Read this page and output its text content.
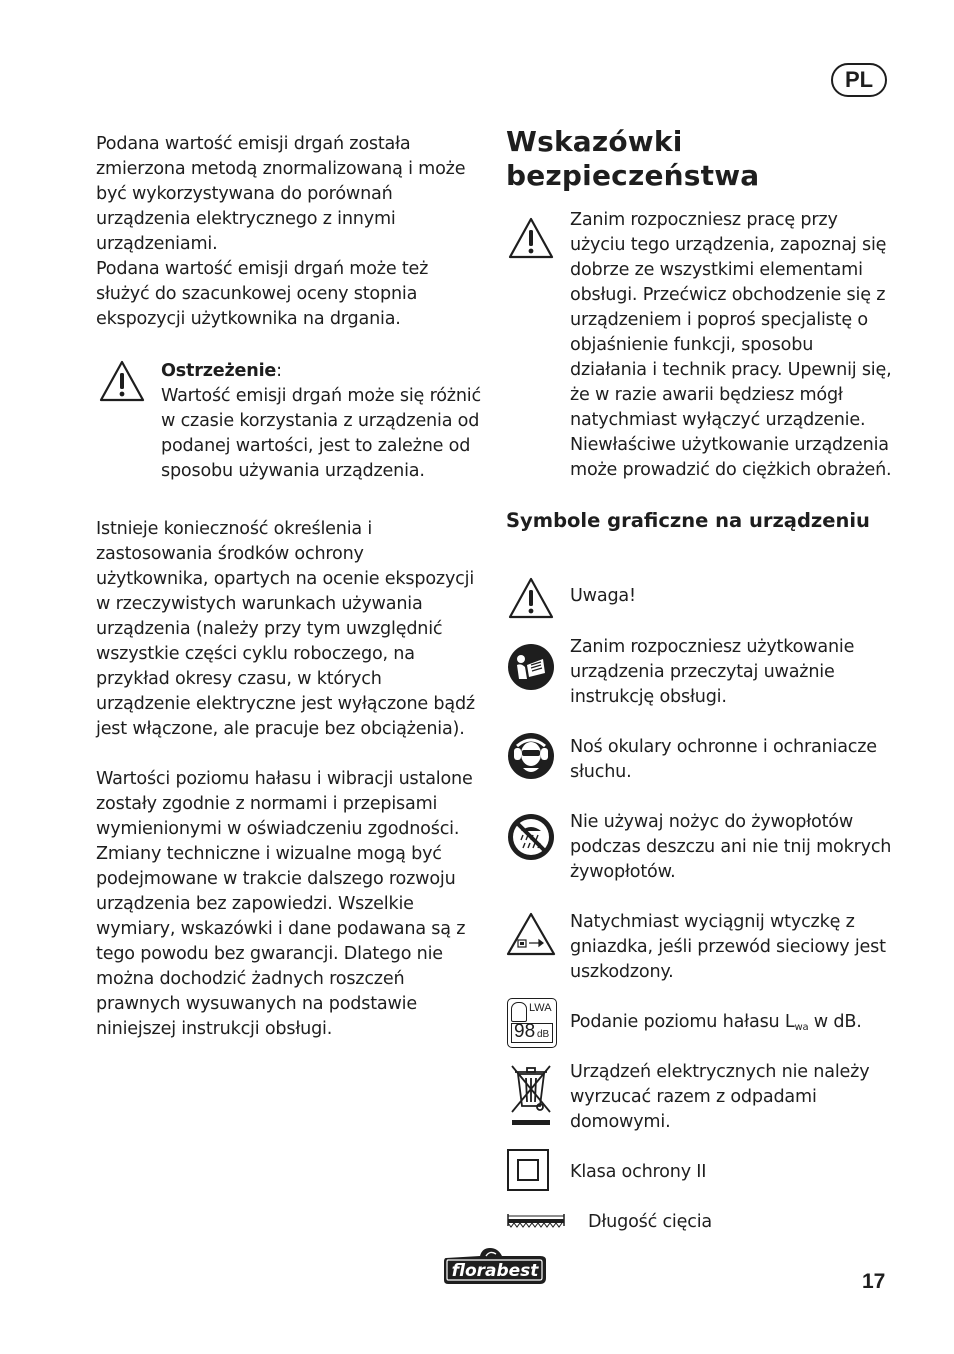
PL

Podana wartość emisji drgań została zmierzona metodą znormalizowaną i może być wykorzystywana do porównań urządzenia elektrycznego z innymi urządzeniami.

Podana wartość emisji drgań może też służyć do szacunkowej oceny stopnia ekspozycji użytkownika na drgania.

Ostrzeżenie:

Wartość emisji drgań może się różnić w czasie korzystania z urządzenia od podanej wartości, jest to zależne od sposobu używania urządzenia.

Istnieje konieczność określenia i zastosowania środków ochrony użytkownika, opartych na ocenie ekspozycji w rzeczywistych warunkach używania urządzenia (należy przy tym uwzględnić wszystkie części cyklu roboczego, na przykład okresy czasu, w których urządzenie elektryczne jest wyłączone bądź jest włączone, ale pracuje bez obciążenia).

Wartości poziomu hałasu i wibracji ustalone zostały zgodnie z normami i przepisami wymienionymi w oświadczeniu zgodności. Zmiany techniczne i wizualne mogą być podejmowane w trakcie dalszego rozwoju urządzenia bez zapowiedzi. Wszelkie wymiary, wskazówki i dane podawana są z tego powodu bez gwarancji. Dlatego nie można dochodzić żadnych roszczeń prawnych wysuwanych na podstawie niniejszej instrukcji obsługi.

Wskazówki bezpieczeństwa

Zanim rozpoczniesz pracę przy użyciu tego urządzenia, zapoznaj się dobrze ze wszystkimi elementami obsługi. Przećwicz obchodzenie się z urządzeniem i poproś specjalistę o objaśnienie funkcji, sposobu działania i technik pracy. Upewnij się, że w razie awarii będziesz mógł natychmiast wyłączyć urządzenie. Niewłaściwe użytkowanie urządzenia może prowadzić do ciężkich obrażeń.

Symbole graficzne na urządzeniu

Uwaga!

Zanim rozpoczniesz użytkowanie urządzenia przeczytaj uważnie instrukcję obsługi.

Noś okulary ochronne i ochraniacze słuchu.

Nie używaj nożyc do żywopłotów podczas deszczu ani nie tnij mokrych żywopłotów.

Natychmiast wyciągnij wtyczkę z gniazdka, jeśli przewód sieciowy jest uszkodzony.

LWA
98 dB

Podanie poziomu hałasu $L_{wa}$ w dB.

Urządzeń elektrycznych nie należy wyrzucać razem z odpadami domowymi.

Klasa ochrony II

Długość cięcia

florabest	17
